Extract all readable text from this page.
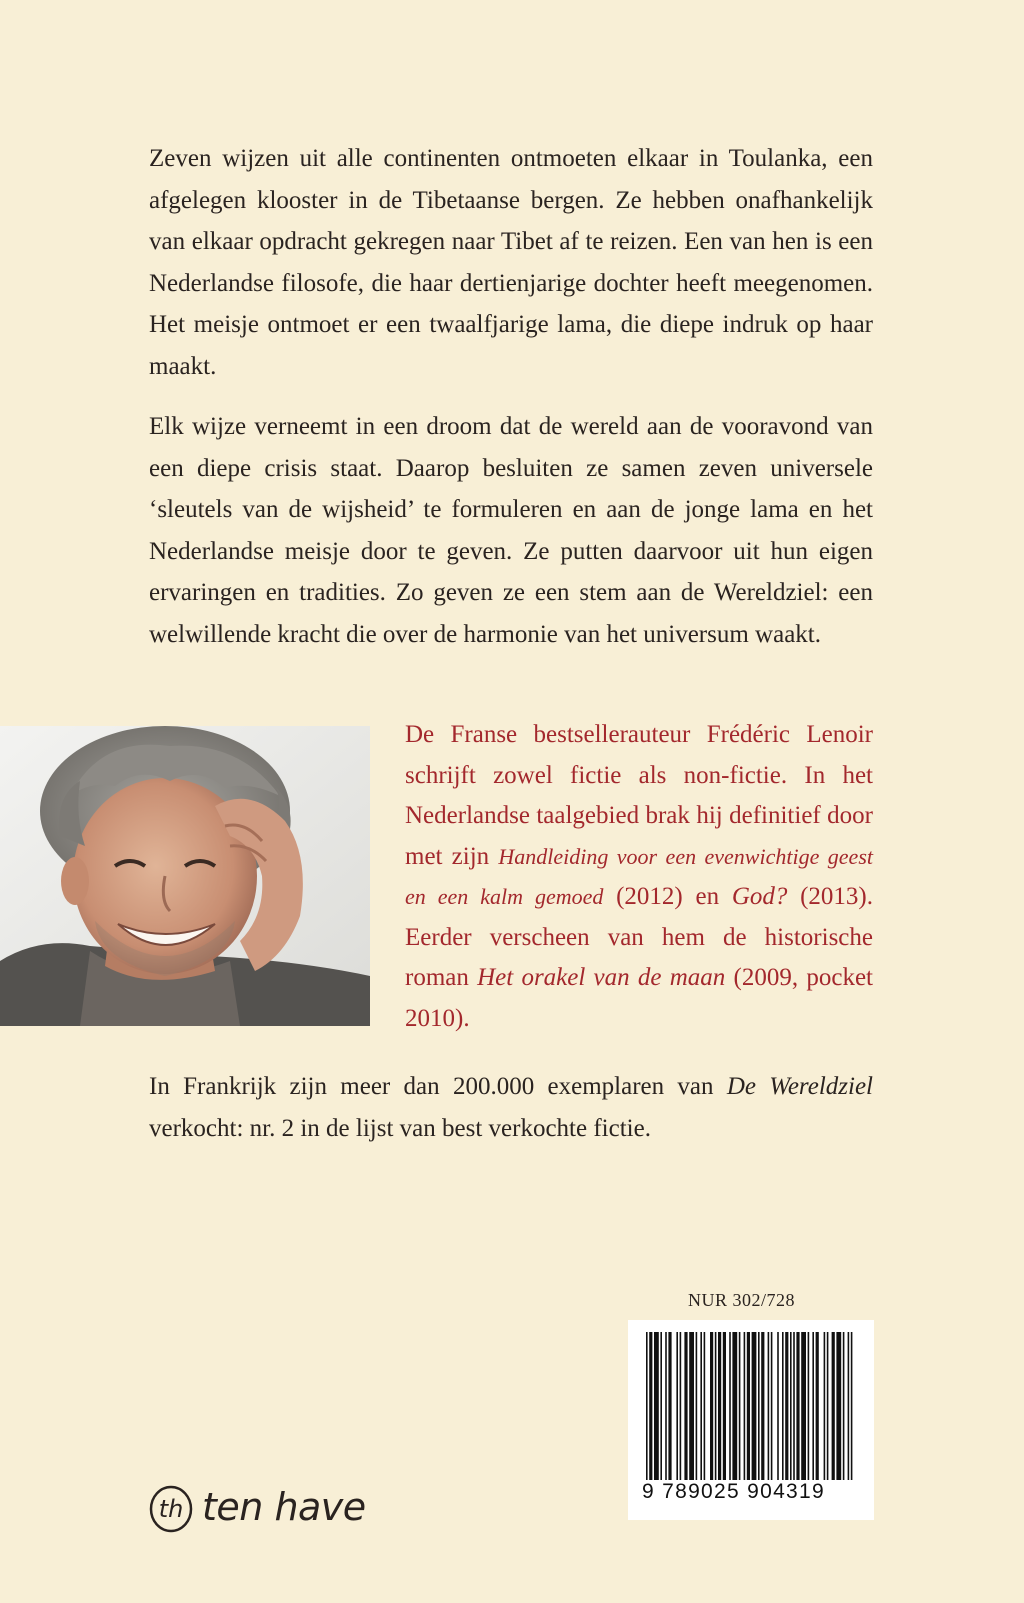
Zeven wijzen uit alle continenten ontmoeten elkaar in Toulanka, een afgelegen klooster in de Tibetaanse bergen. Ze hebben onafhankelijk van elkaar opdracht gekregen naar Tibet af te reizen. Een van hen is een Nederlandse filosofe, die haar dertienjarige dochter heeft meegenomen. Het meisje ontmoet er een twaalfjarige lama, die diepe indruk op haar maakt.

Elk wijze verneemt in een droom dat de wereld aan de vooravond van een diepe crisis staat. Daarop besluiten ze samen zeven universele ‘sleutels van de wijsheid’ te formuleren en aan de jonge lama en het Nederlandse meisje door te geven. Ze putten daarvoor uit hun eigen ervaringen en tradities. Zo geven ze een stem aan de Wereldziel: een welwillende kracht die over de harmonie van het universum waakt.

De Franse bestsellerauteur Frédéric Lenoir schrijft zowel fictie als non-fictie. In het Nederlandse taalgebied brak hij definitief door met zijn Handleiding voor een evenwichtige geest en een kalm gemoed (2012) en God? (2013). Eerder verscheen van hem de historische roman Het orakel van de maan (2009, pocket 2010).

In Frankrijk zijn meer dan 200.000 exemplaren van De Wereldziel verkocht: nr. 2 in de lijst van best verkochte fictie.

NUR 302/728
9 789025 904319
th ten have
